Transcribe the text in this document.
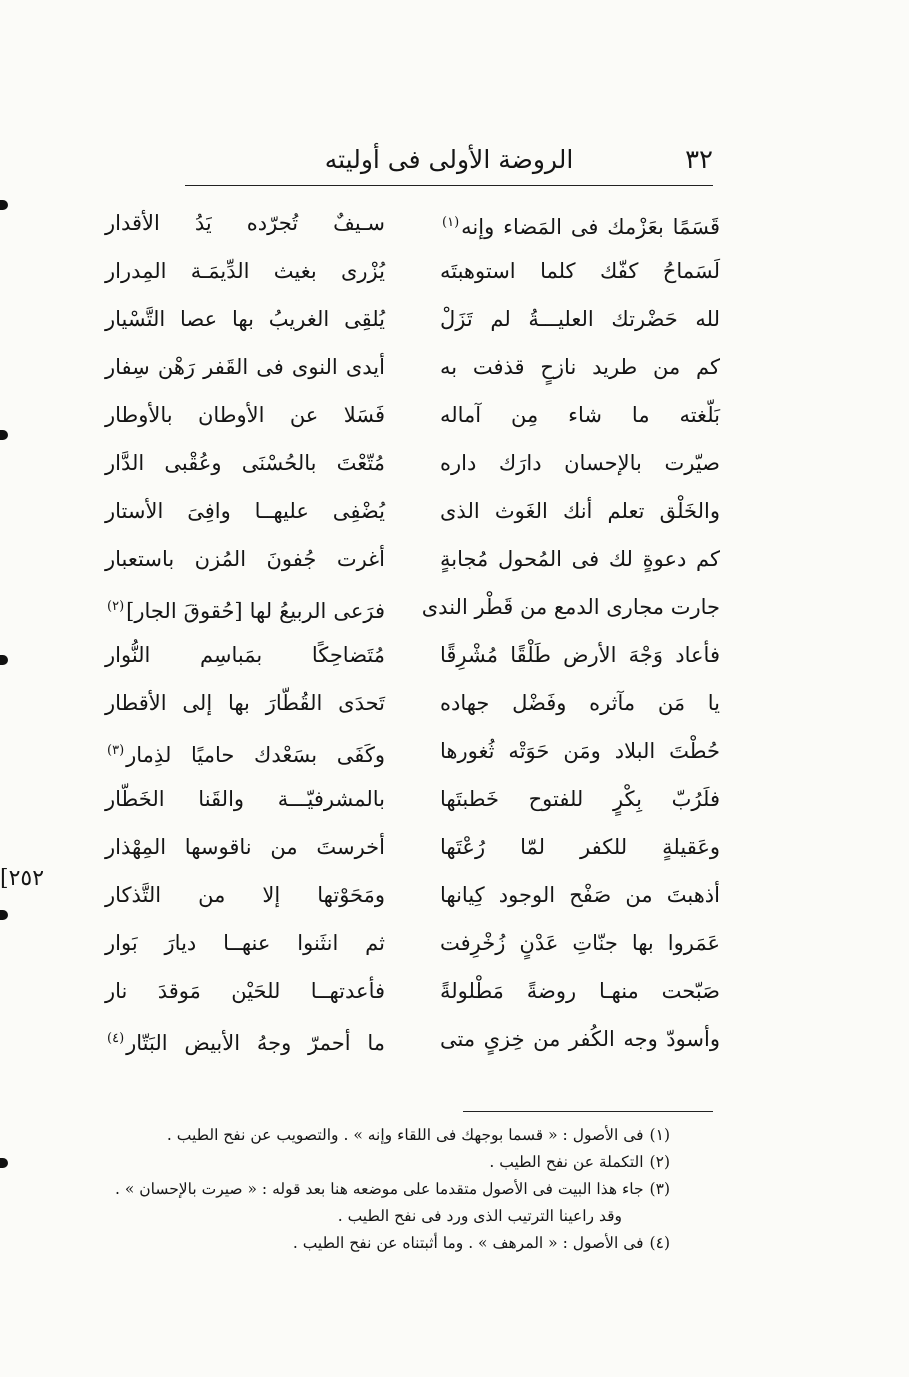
٣٢
الروضة الأولى فى أوليته
[٢٥٢
قَسَمًا بعَزْمك فى المَضاء وإنه$^{(١)}$
سـيفٌ تُجرّده يَدُ الأقدار
لَسَماحُ كفّك كلما استوهبتَه
يُزْرى بغيث الدِّيمَـة المِدرار
لله حَضْرتك العليـــةُ لم تَزَلْ
يُلقِى الغريبُ بها عصا التَّسْيار
كم من طريد نازحٍ قذفت به
أيدى النوى فى القَفر رَهْن سِفار
بَلّغته ما شاء مِن آماله
فَسَلا عن الأوطان بالأوطار
صيّرت بالإحسان دارَك داره
مُتّعْتَ بالحُسْنَى وعُقْبى الدَّار
والخَلْق تعلم أنك الغَوث الذى
يُضْفِى عليهــا وافِىَ الأستار
كم دعوةٍ لك فى المُحول مُجابةٍ
أغرت جُفونَ المُزن باستعبار
جارت مجارى الدمع من قَطْر الندى
فرَعى الربيعُ لها [حُقوقَ الجار]$^{(٢)}$
فأعاد وَجْهَ الأرض طَلْقًا مُشْرِقًا
مُتَضاحِكًا بمَباسِم النُّوار
يا مَن مآثره وفَضْل جهاده
تَحدَى القُطّارَ بها إلى الأقطار
حُطْتَ البلاد ومَن حَوَتْه ثُغورها
وكَفَى بسَعْدك حاميًا لذِمار$^{(٣)}$
فلَرُبّ بِكْرٍ للفتوح خَطبتَها
بالمشرفيّـــة والقَنا الخَطّار
وعَقيلةٍ للكفر لمّا رُعْتَها
أخرستَ من ناقوسها المِهْذار
أذهبتَ من صَفْح الوجود كِيانها
ومَحَوْتها إلا من التَّذكار
عَمَروا بها جنّاتِ عَدْنٍ زُخْرِفت
ثم انثَنوا عنهــا ديارَ بَوار
صَبّحت منهـا روضةً مَطْلولةً
فأعدتهــا للحَيْن مَوقدَ نار
وأسودّ وجه الكُفر من خِزىٍ متى
ما أحمرّ وجهُ الأبيض البَتّار$^{(٤)}$
(١)فى الأصول : « قسما بوجهك فى اللقاء وإنه » . والتصويب عن نفح الطيب .
(٢)التكملة عن نفح الطيب .
(٣)جاء هذا البيت فى الأصول متقدما على موضعه هنا بعد قوله : « صيرت بالإحسان » .
وقد راعينا الترتيب الذى ورد فى نفح الطيب .
(٤)فى الأصول : « المرهف » . وما أثبتناه عن نفح الطيب .
